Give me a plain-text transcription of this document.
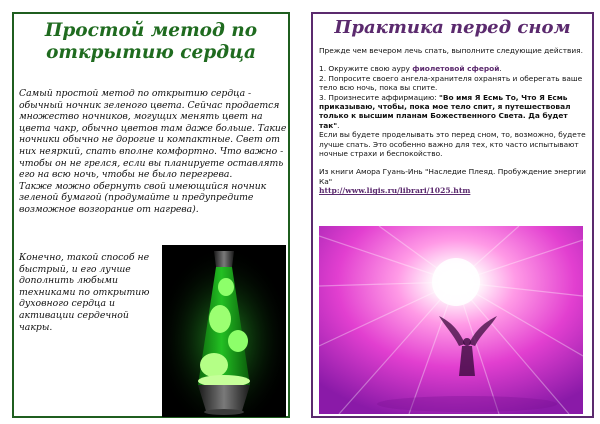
Простой метод по
открытию сердца

Самый простой метод по открытию сердца - обычный ночник зеленого цвета. Сейчас продается множество ночников, могущих менять цвет на цвета чакр, обычно цветов там даже больше. Такие ночники обычно не дорогие и компактные. Свет от них неяркий, спать вполне комфортно. Что важно - чтобы он не грелся, если вы планируете оставлять его на всю ночь, чтобы не было перегрева.
Также можно обернуть свой имеющийся ночник зеленой бумагой (продумайте и предупредите возможное возгорание от нагрева).

Конечно, такой способ не быстрый, и его лучше дополнить любыми техниками по открытию духовного сердца и активации сердечной чакры.

Практика перед сном

Прежде чем вечером лечь спать, выполните следующие действия.

1. Окружите свою ауру фиолетовой сферой.

2. Попросите своего ангела-хранителя охранять и оберегать ваше тело всю ночь, пока вы спите.

3. Произнесите аффирмацию: "Во имя Я Есмь То, Что Я Есмь приказываю, чтобы, пока мое тело спит, я путешествовал только к высшим планам Божественного Света. Да будет так".

Если вы будете проделывать это перед сном, то, возможно, будете лучше спать. Это особенно важно для тех, кто часто испытывают ночные страхи и беспокойство.

Из книги Амора Гуань-Инь "Наследие Плеяд. Пробуждение энергии Ка"

http://www.ligis.ru/librari/1025.htm
